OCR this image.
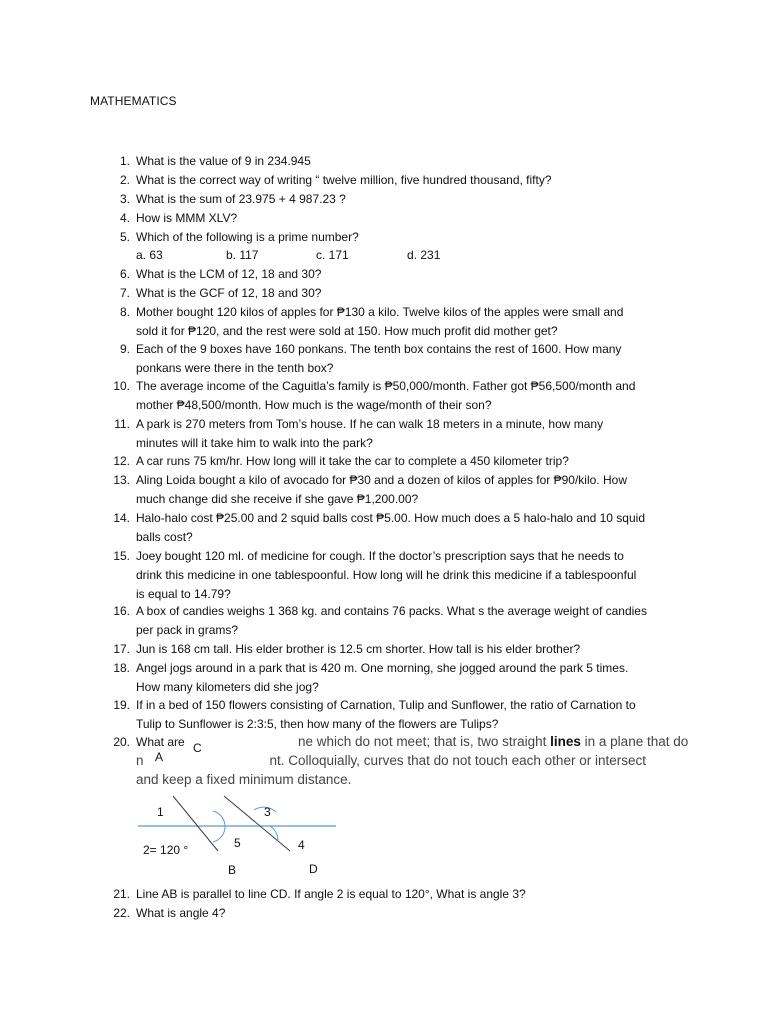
MATHEMATICS
1. What is the value of 9 in 234.945
2. What is the correct way of writing “ twelve million, five hundred thousand, fifty?
3. What is the sum of 23.975 + 4 987.23 ?
4. How is MMM XLV?
5. Which of the following is a prime number?
6. What is the LCM of 12, 18 and 30?
7. What is the GCF of 12, 18 and 30?
8. Mother bought 120 kilos of apples for ₱130 a kilo. Twelve kilos of the apples were small and
sold it for ₱120, and the rest were sold at 150. How much profit did mother get?
9. Each of the 9 boxes have 160 ponkans. The tenth box contains the rest of 1600. How many
ponkans were there in the tenth box?
10. The average income of the Caguitla’s family is ₱50,000/month. Father got ₱56,500/month and
mother ₱48,500/month. How much is the wage/month of their son?
11. A park is 270 meters from Tom’s house. If he can walk 18 meters in a minute, how many
minutes will it take him to walk into the park?
12. A car runs 75 km/hr. How long will it take the car to complete a 450 kilometer trip?
13. Aling Loida bought a kilo of avocado for ₱30 and a dozen of kilos of apples for ₱90/kilo. How
much change did she receive if she gave ₱1,200.00?
14. Halo-halo cost ₱25.00 and 2 squid balls cost ₱5.00. How much does a 5 halo-halo and 10 squid
balls cost?
15. Joey bought 120 ml. of medicine for cough. If the doctor’s prescription says that he needs to
drink this medicine in one tablespoonful. How long will he drink this medicine if a tablespoonful
is equal to 14.79?
16. A box of candies weighs 1 368 kg. and contains 76 packs. What s the average weight of candies
per pack in grams?
17. Jun is 168 cm tall. His elder brother is 12.5 cm shorter. How tall is his elder brother?
18. Angel jogs around in a park that is 420 m. One morning, she jogged around the park 5 times.
How many kilometers did she jog?
19. If in a bed of 150 flowers consisting of Carnation, Tulip and Sunflower, the ratio of Carnation to
Tulip to Sunflower is 2:3:5, then how many of the flowers are Tulips?
20. What are
21. Line AB is parallel to line CD. If angle 2 is equal to 120°, What is angle 3?
22. What is angle 4?
a. 63	b. 117	c. 171	d. 231
ne which do not meet; that is, two straight lines in a plane that do
n	nt. Colloquially, curves that do not touch each other or intersect
and keep a fixed minimum distance.
C
A
1	3
5	4
2= 120 °
B	D
